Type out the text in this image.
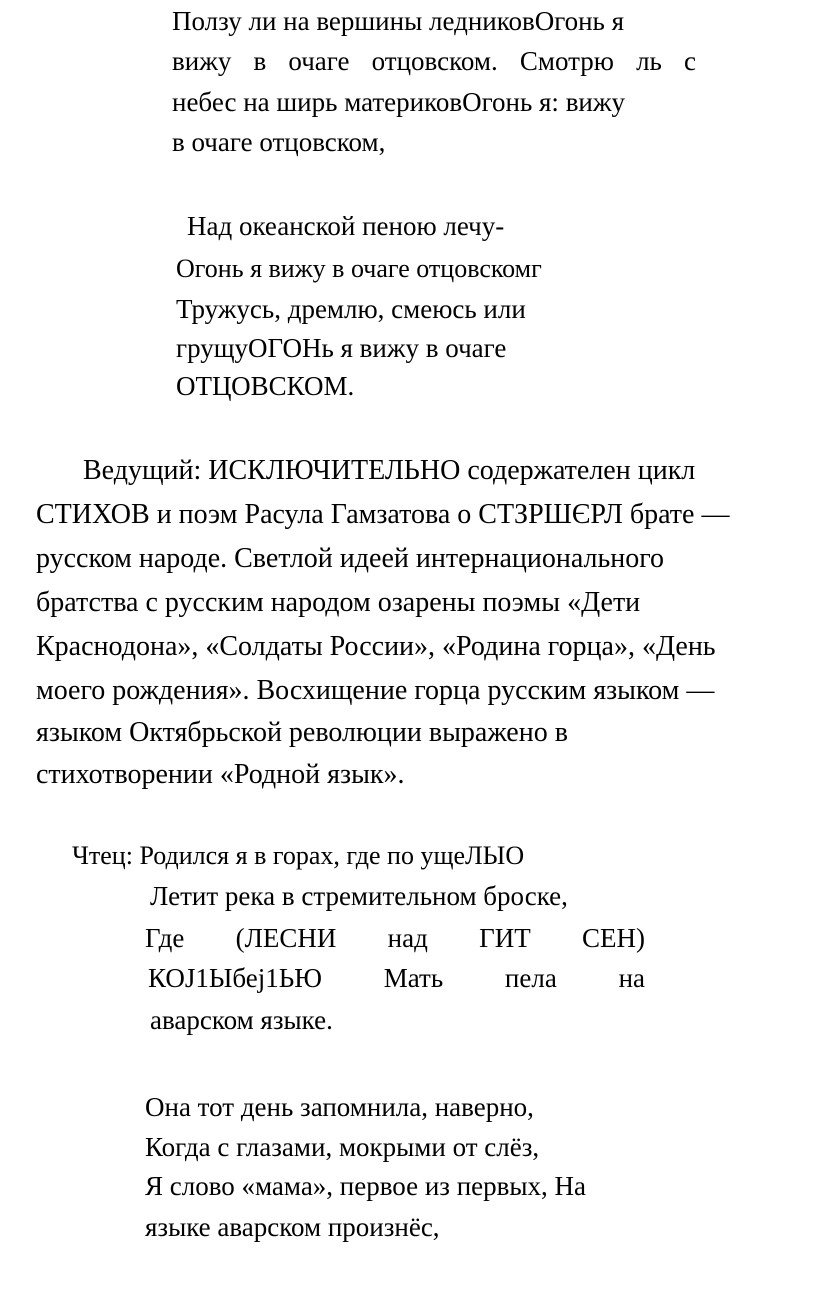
Ползу ли на вершины ледниковОгонь я

вижу в очаге отцовском. Смотрю ль с

небес на ширь материковОгонь я: вижу

в очаге отцовском,

Над океанской пеною лечу-

Огонь я вижу в очаге отцовскомг

Тружусь, дремлю, смеюсь или

грущуОГОНь я вижу в очаге

ОТЦОВСКОМ.

Ведущий: ИСКЛЮЧИТЕЛЬНО содержателен цикл

СТИХОВ и поэм Расула Гамзатова о СТЗРШЄРЛ брате —

русском народе. Светлой идеей интернационального

братства с русским народом озарены поэмы «Дети

Краснодона», «Солдаты России», «Родина горца», «День

моего рождения». Восхищение горца русским языком —

языком Октябрьской революции выражено в

стихотворении «Родной язык».

Чтец: Родился я в горах, где по ущеЛЫО

Летит река в стремительном броске,

Где (ЛЕСНИ над ГИТ СЕН)
КОJ1Ыбеj1ЬЮ Мать пела на

аварском языке.

Она тот день запомнила, наверно,

Когда с глазами, мокрыми от слёз,

Я слово «мама», первое из первых, На

языке аварском произнёс,
